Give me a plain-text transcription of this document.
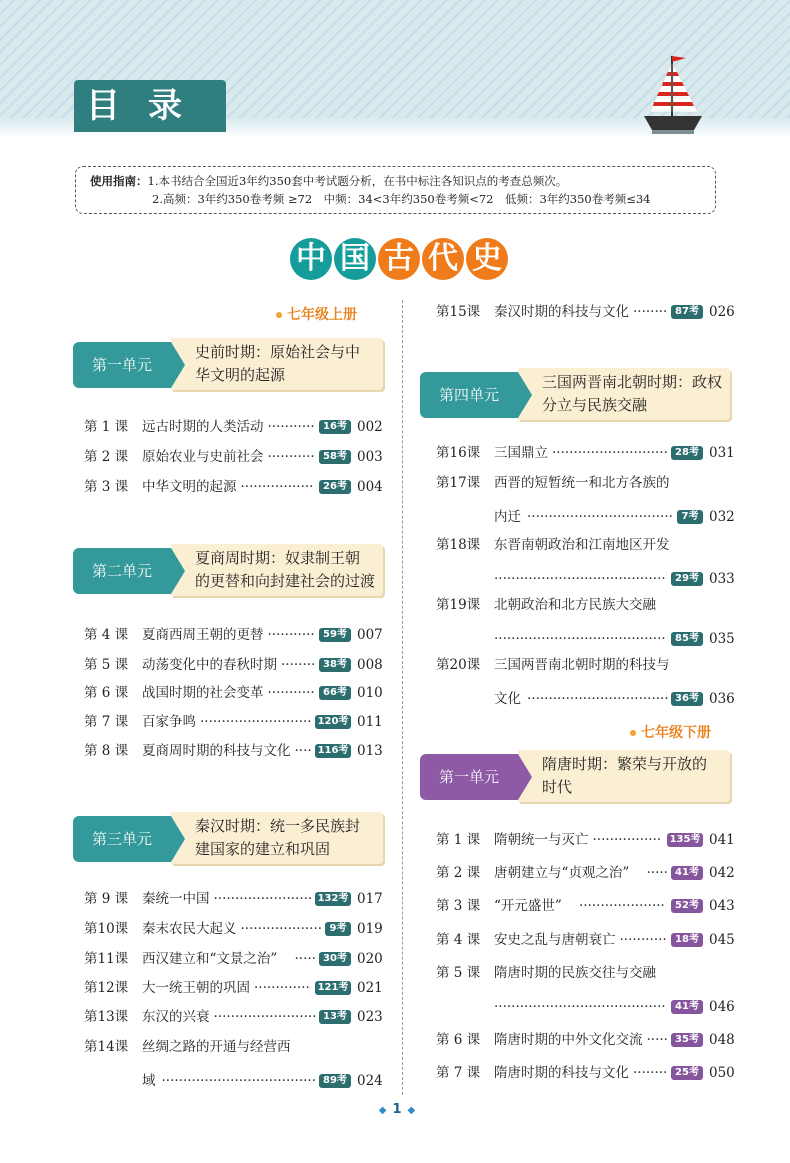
目录
使用指南：1.本书结合全国近3年约350套中考试题分析，在书中标注各知识点的考查总频次。
2.高频：3年约350卷考频 ≥72　中频：34<3年约350卷考频<72　低频：3年约350卷考频≤34
中 国 古 代 史
七年级上册
七年级下册
第一单元
史前时期：原始社会与中
华文明的起源
第 1 课 远古时期的人类活动 ··········· 16考 002
第 2 课 原始农业与史前社会 ··········· 58考 003
第 3 课 中华文明的起源 ················· 26考 004
第 4 课 夏商西周王朝的更替 ··········· 59考 007
第 5 课 动荡变化中的春秋时期 ········ 38考 008
第 6 课 战国时期的社会变革 ··········· 66考 010
第 7 课 百家争鸣 ·························· 120考 011
第 8 课 夏商周时期的科技与文化 ···· 116考 013
第 9 课 秦统一中国 ······················· 132考 017
第10课 秦末农民大起义 ··················· 9考 019
第11课 西汉建立和“文景之治” ····· 30考 020
第12课 大一统王朝的巩固 ············· 121考 021
第13课 东汉的兴衰 ························ 13考 023
第14课 丝绸之路的开通与经营西
域 ···································· 89考 024
第15课 秦汉时期的科技与文化 ········ 87考 026
第16课 三国鼎立 ··························· 28考 031
第17课 西晋的短暂统一和北方各族的
内迁 ·································· 7考 032
第18课 东晋南朝政治和江南地区开发
········································ 29考 033
第19课 北朝政治和北方民族大交融
········································ 85考 035
第20课 三国两晋南北朝时期的科技与
文化 ································· 36考 036
第 1 课 隋朝统一与灭亡 ················ 135考 041
第 2 课 唐朝建立与“贞观之治” ····· 41考 042
第 3 课 “开元盛世” ····················	52考 043
第 4 课 安史之乱与唐朝衰亡 ··········· 18考 045
第 5 课 隋唐时期的民族交往与交融
········································ 41考 046
第 6 课 隋唐时期的中外文化交流 ····· 35考 048
第 7 课 隋唐时期的科技与文化 ········ 25考 050
第二单元
夏商周时期：奴隶制王朝
的更替和向封建社会的过渡
第三单元
秦汉时期：统一多民族封
建国家的建立和巩固
第四单元
三国两晋南北朝时期：政权
分立与民族交融
第一单元
隋唐时期：繁荣与开放的
时代
◆ 1 ◆
